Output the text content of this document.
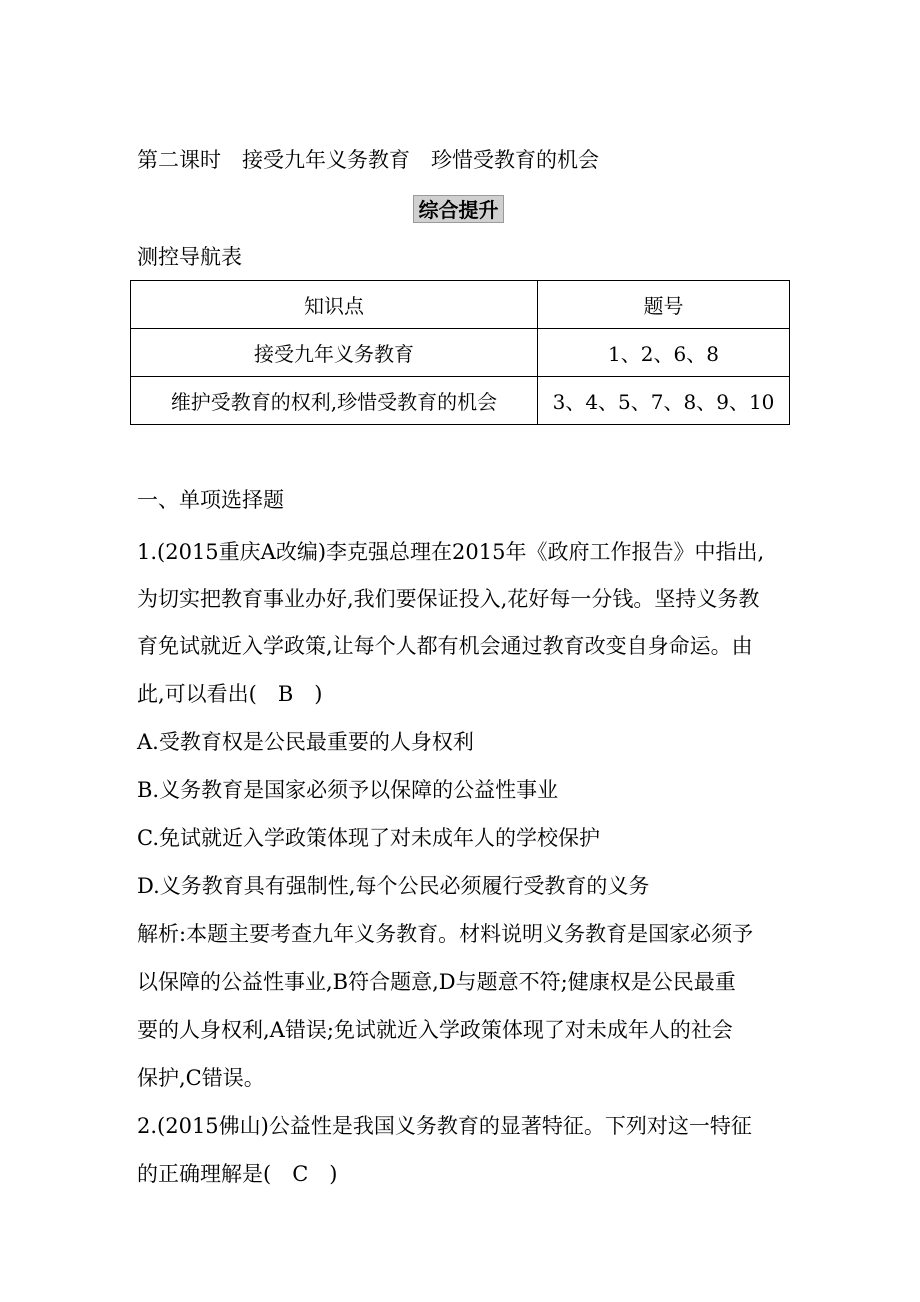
第二课时　接受九年义务教育　珍惜受教育的机会
综合提升
测控导航表
知识点	题号
接受九年义务教育	1、2、6、8
维护受教育的权利,珍惜受教育的机会	3、4、5、7、8、9、10
一、单项选择题
1.(2015重庆A改编)李克强总理在2015年《政府工作报告》中指出,
为切实把教育事业办好,我们要保证投入,花好每一分钱。坚持义务教
育免试就近入学政策,让每个人都有机会通过教育改变自身命运。由
此,可以看出(　B　)
A.受教育权是公民最重要的人身权利
B.义务教育是国家必须予以保障的公益性事业
C.免试就近入学政策体现了对未成年人的学校保护
D.义务教育具有强制性,每个公民必须履行受教育的义务
解析:本题主要考查九年义务教育。材料说明义务教育是国家必须予
以保障的公益性事业,B符合题意,D与题意不符;健康权是公民最重
要的人身权利,A错误;免试就近入学政策体现了对未成年人的社会
保护,C错误。
2.(2015佛山)公益性是我国义务教育的显著特征。下列对这一特征
的正确理解是(　C　)
